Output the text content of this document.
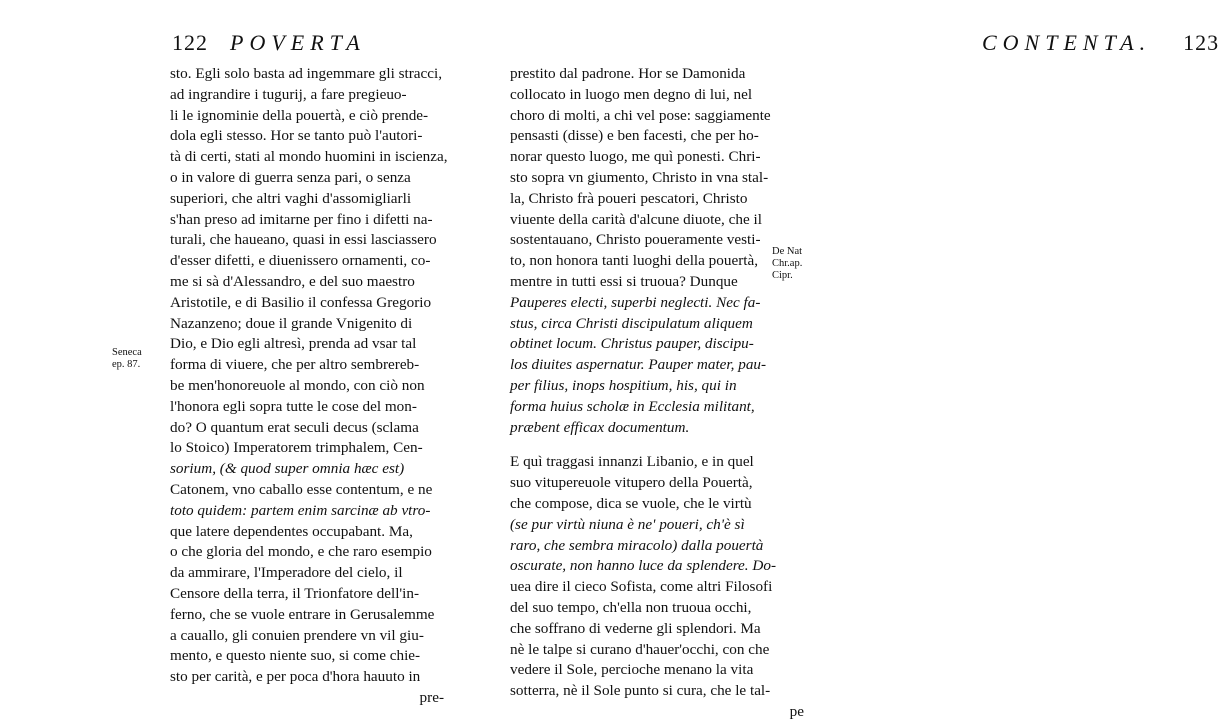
122 POVERTA
sto. Egli solo basta ad ingemmare gli stracci,
ad ingrandire i tugurij, a fare pregieuo-
li le ignominie della pouertà, e ciò prende-
dola egli stesso. Hor se tanto può l'autori-
tà di certi, stati al mondo huomini in iscienza,
o in valore di guerra senza pari, o senza
superiori, che altri vaghi d'assomigliarli
s'han preso ad imitarne per fino i difetti na-
turali, che haueano, quasi in essi lasciassero
d'esser difetti, e diuenissero ornamenti, co-
me si sà d'Alessandro, e del suo maestro
Aristotile, e di Basilio il confessa Gregorio
Nazanzeno; doue il grande Vnigenito di
Dio, e Dio egli altresì, prenda ad vsar tal
forma di viuere, che per altro sembrereb-
be men'honoreuole al mondo, con ciò non
l'honora egli sopra tutte le cose del mon-
do? O quantum erat seculi decus (sclama
lo Stoico) Imperatorem trimphalem, Cen-
sorium, (& quod super omnia hæc est)
Catonem, vno caballo esse contentum, e ne
toto quidem: partem enim sarcinæ ab vtro-
que latere dependentes occupabant. Ma,
o che gloria del mondo, e che raro esempio
da ammirare, l'Imperadore del cielo, il
Censore della terra, il Trionfatore dell'in-
ferno, che se vuole entrare in Gerusalemme
a cauallo, gli conuien prendere vn vil giu-
mento, e questo niente suo, si come chie-
sto per carità, e per poca d'hora hauuto in
pre-
Seneca
ep. 87.
CONTENTA. 123
prestito dal padrone. Hor se Damonida
collocato in luogo men degno di lui, nel
choro di molti, a chi vel pose: saggiamente
pensasti (disse) e ben facesti, che per ho-
norar questo luogo, me quì ponesti. Chri-
sto sopra vn giumento, Christo in vna stal-
la, Christo frà poueri pescatori, Christo
viuente della carità d'alcune diuote, che il
sostentauano, Christo poueramente vesti-
to, non honora tanti luoghi della pouertà,
mentre in tutti essi si truoua? Dunque
Pauperes electi, superbi neglecti. Nec fa-
stus, circa Christi discipulatum aliquem
obtinet locum. Christus pauper, discipu-
los diuites aspernatur. Pauper mater, pau-
per filius, inops hospitium, his, qui in
forma huius scholæ in Ecclesia militant,
præbent efficax documentum.
E quì traggasi innanzi Libanio, e in quel
suo vitupereuole vitupero della Pouertà,
che compose, dica se vuole, che le virtù
(se pur virtù niuna è ne' poueri, ch'è sì
raro, che sembra miracolo) dalla pouertà
oscurate, non hanno luce da splendere. Do-
uea dire il cieco Sofista, come altri Filosofi
del suo tempo, ch'ella non truoua occhi,
che soffrano di vederne gli splendori. Ma
nè le talpe si curano d'hauer'occhi, con che
vedere il Sole, percioche menano la vita
sotterra, nè il Sole punto si cura, che le tal-
pe
De Nat
Chr.ap.
Cipr.
